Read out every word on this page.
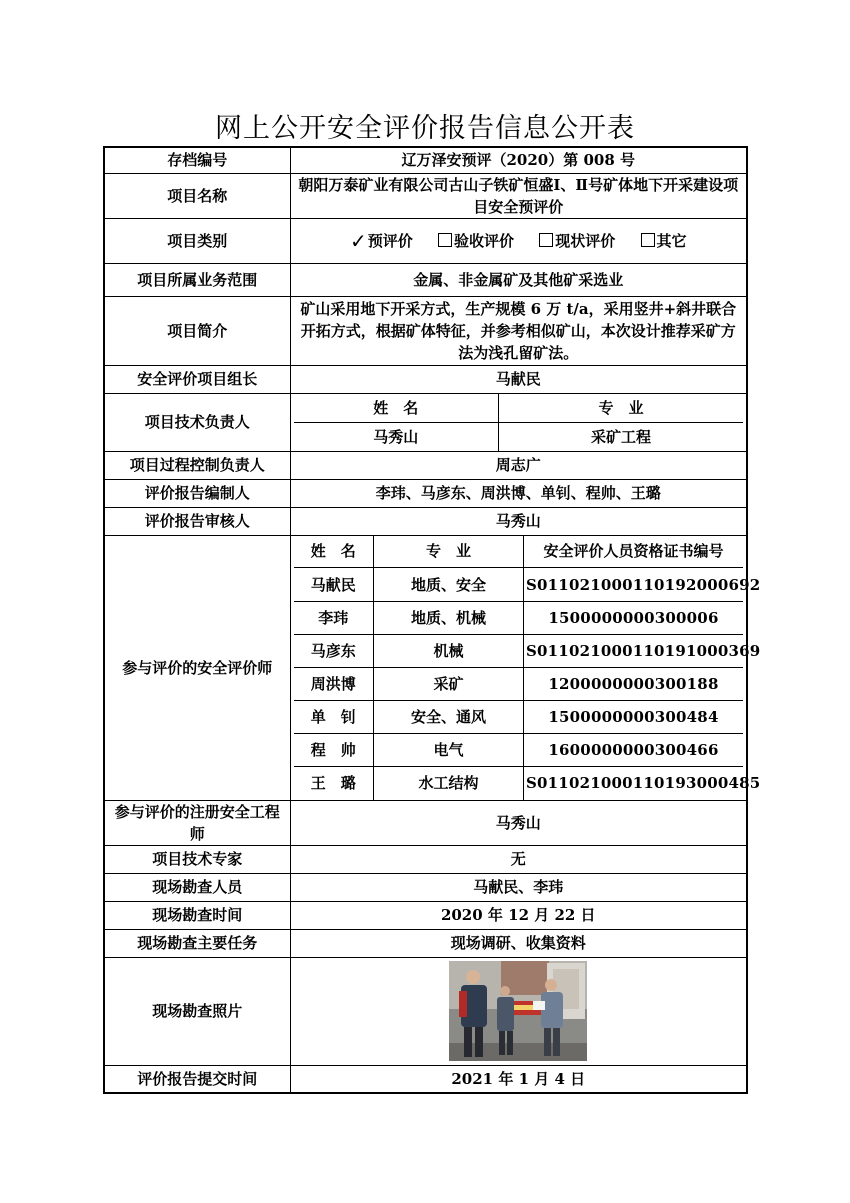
网上公开安全评价报告信息公开表
存档编号	辽万泽安预评（2020）第 008 号
项目名称	朝阳万泰矿业有限公司古山子铁矿恒盛Ⅰ、Ⅱ号矿体地下开采建设项目安全预评价
项目类别	✓预评价	验收评价	现状评价	其它
项目所属业务范围	金属、非金属矿及其他矿采选业
项目简介	矿山采用地下开采方式，生产规模 6 万 t/a，采用竖井+斜井联合开拓方式，根据矿体特征，并参考相似矿山，本次设计推荐采矿方法为浅孔留矿法。
安全评价项目组长	马献民
项目技术负责人	
姓　名	专　业
马秀山	采矿工程

项目过程控制负责人	周志广
评价报告编制人	李玮、马彦东、周洪博、单钊、程帅、王璐
评价报告审核人	马秀山
参与评价的安全评价师	
姓　名	专　业	安全评价人员资格证书编号
马献民	地质、安全	S011021000110192000692
李玮	地质、机械	1500000000300006
马彦东	机械	S011021000110191000369
周洪博	采矿	1200000000300188
单　钊	安全、通风	1500000000300484
程　帅	电气	1600000000300466
王　璐	水工结构	S011021000110193000485

参与评价的注册安全工程师	马秀山
项目技术专家	无
现场勘查人员	马献民、李玮
现场勘查时间	2020 年 12 月 22 日
现场勘查主要任务	现场调研、收集资料
现场勘查照片	
评价报告提交时间	2021 年 1 月 4 日
